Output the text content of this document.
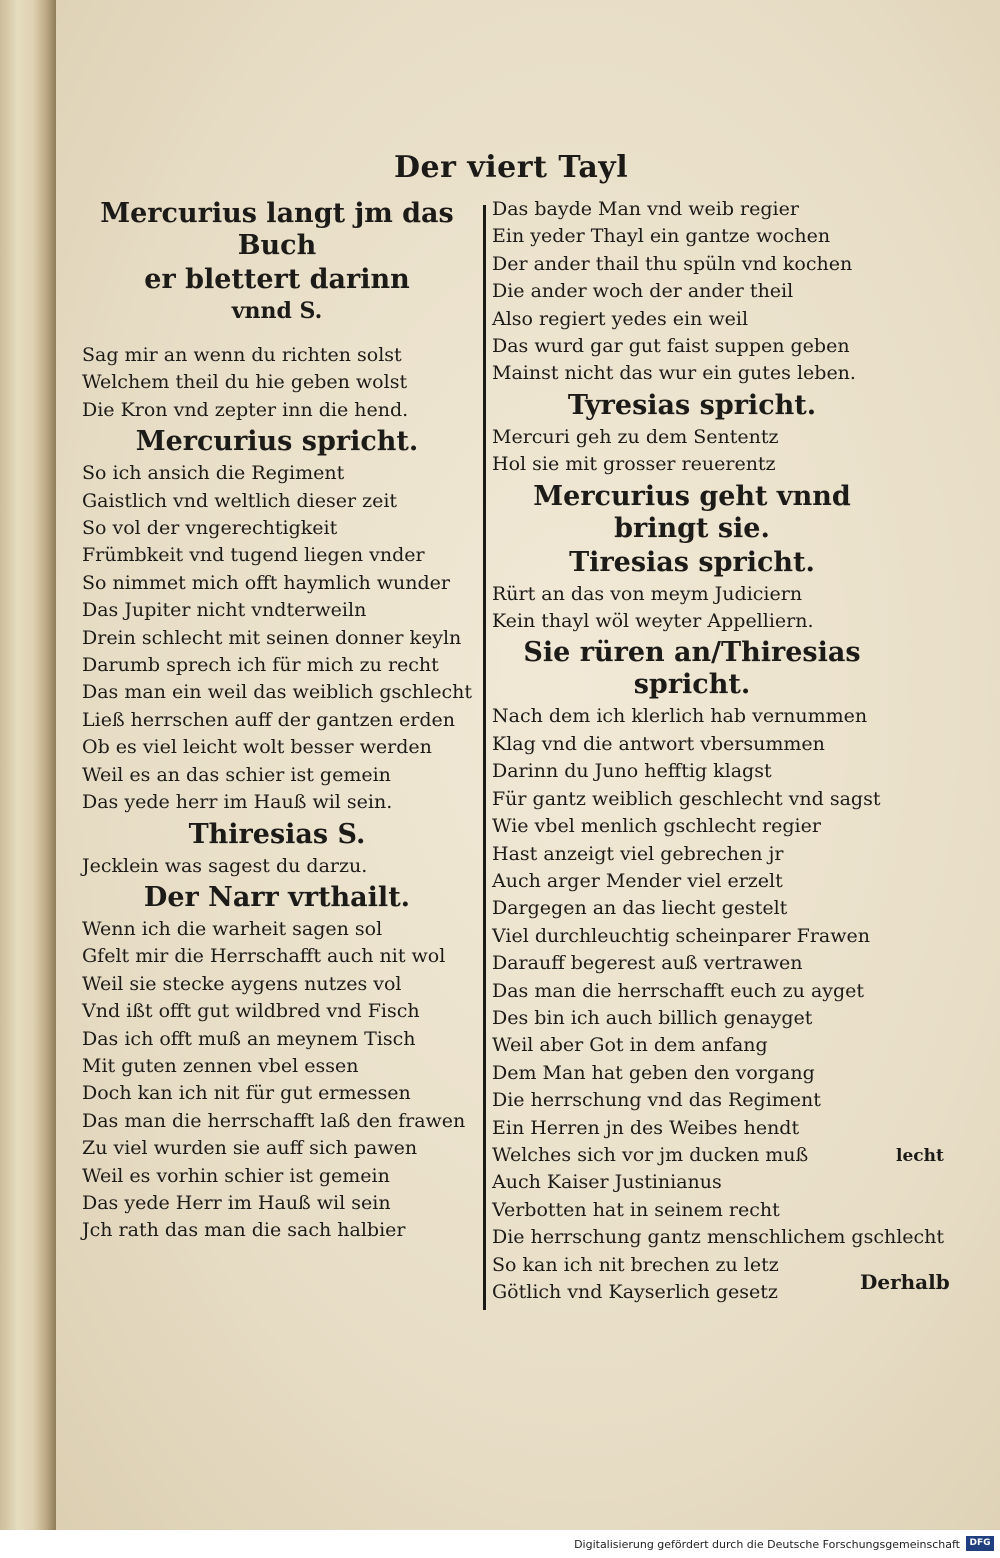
Der viert Tayl
Mercurius langt jm das Buch
er blettert darinn
vnnd S.
Sag mir an wenn du richten solst
Welchem theil du hie geben wolst
Die Kron vnd zepter inn die hend.
Mercurius spricht.
So ich ansich die Regiment
Gaistlich vnd weltlich dieser zeit
So vol der vngerechtigkeit
Frümbkeit vnd tugend liegen vnder
So nimmet mich offt haymlich wunder
Das Jupiter nicht vndterweiln
Drein schlecht mit seinen donner keyln
Darumb sprech ich für mich zu recht
Das man ein weil das weiblich gschlecht
Ließ herrschen auff der gantzen erden
Ob es viel leicht wolt besser werden
Weil es an das schier ist gemein
Das yede herr im Hauß wil sein.
Thiresias S.
Jecklein was sagest du darzu.
Der Narr vrthailt.
Wenn ich die warheit sagen sol
Gfelt mir die Herrschafft auch nit wol
Weil sie stecke aygens nutzes vol
Vnd ißt offt gut wildbred vnd Fisch
Das ich offt muß an meynem Tisch
Mit guten zennen vbel essen
Doch kan ich nit für gut ermessen
Das man die herrschafft laß den frawen
Zu viel wurden sie auff sich pawen
Weil es vorhin schier ist gemein
Das yede Herr im Hauß wil sein
Jch rath das man die sach halbier
Das bayde Man vnd weib regier
Ein yeder Thayl ein gantze wochen
Der ander thail thu spüln vnd kochen
Die ander woch der ander theil
Also regiert yedes ein weil
Das wurd gar gut faist suppen geben
Mainst nicht das wur ein gutes leben.
Tyresias spricht.
Mercuri geh zu dem Sententz
Hol sie mit grosser reuerentz
Mercurius geht vnnd bringt sie.
Tiresias spricht.
Rürt an das von meym Judiciern
Kein thayl wöl weyter Appelliern.
Sie rüren an/Thiresias spricht.
Nach dem ich klerlich hab vernummen
Klag vnd die antwort vbersummen
Darinn du Juno hefftig klagst
Für gantz weiblich geschlecht vnd sagst
Wie vbel menlich gschlecht regier
Hast anzeigt viel gebrechen jr
Auch arger Mender viel erzelt
Dargegen an das liecht gestelt
Viel durchleuchtig scheinparer Frawen
Darauff begerest auß vertrawen
Das man die herrschafft euch zu ayget
Des bin ich auch billich genayget
Weil aber Got in dem anfang
Dem Man hat geben den vorgang
Die herrschung vnd das Regiment
Ein Herren jn des Weibes hendt
Welches sich vor jm ducken muß
Auch Kaiser Justinianus
Verbotten hat in seinem recht
Die herrschung gantz menschlichem gschlecht
So kan ich nit brechen zu letz
Götlich vnd Kayserlich gesetz
lecht
Derhalb
Digitalisierung gefördert durch die Deutsche Forschungsgemeinschaft	DFG
